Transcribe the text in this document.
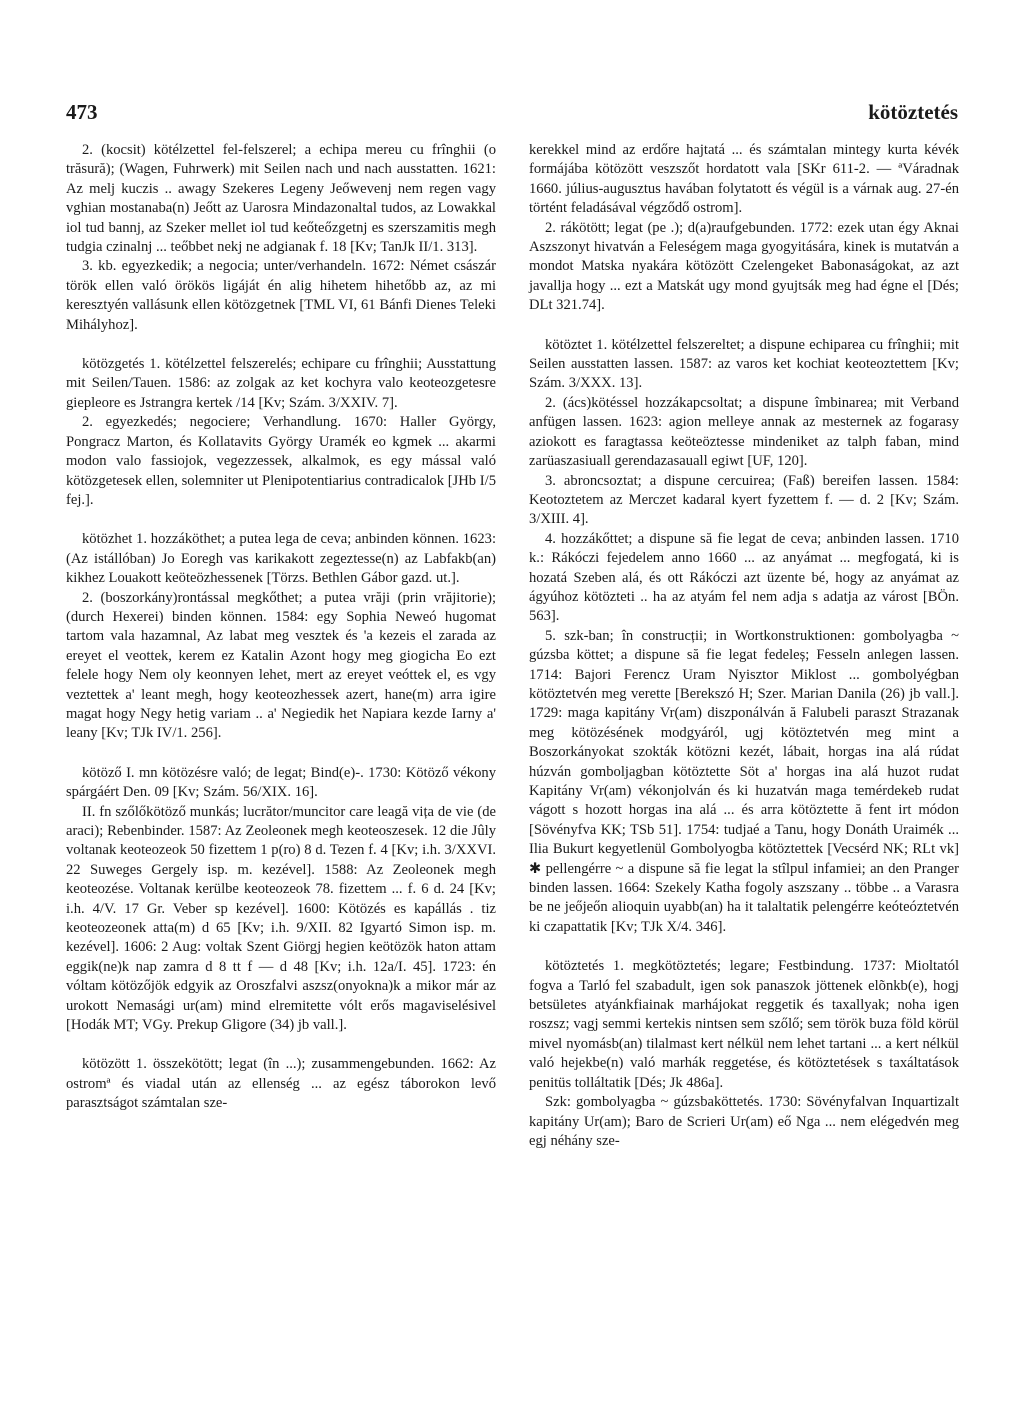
473	kötöztetés

2. (kocsit) kötélzettel fel-felszerel; a echipa mereu cu frînghii (o trăsură); (Wagen, Fuhrwerk) mit Seilen nach und nach ausstatten. 1621: Az melj kuczis .. awagy Szekeres Legeny Jeőwevenj nem regen vagy vghian mostanaba(n) Jeőtt az Uarosra Mindazonaltal tudos, az Lowakkal iol tud bannj, az Szeker mellet iol tud keőteőzgetnj es szerszamitis megh tudgia czinalnj ... teőbbet nekj ne adgianak f. 18 [Kv; TanJk II/1. 313].

3. kb. egyezkedik; a negocia; unter/verhandeln. 1672: Német császár török ellen való örökös ligáját én alig hihetem hihetőbb az, az mi keresztyén vallásunk ellen kötözgetnek [TML VI, 61 Bánfi Dienes Teleki Mihályhoz].

kötözgetés 1. kötélzettel felszerelés; echipare cu frînghii; Ausstattung mit Seilen/Tauen. 1586: az zolgak az ket kochyra valo keoteozgetesre giepleore es Jstrangra kertek /14 [Kv; Szám. 3/XXIV. 7].

2. egyezkedés; negociere; Verhandlung. 1670: Haller György, Pongracz Marton, és Kollatavits György Uramék eo kgmek ... akarmi modon valo fassiojok, vegezzessek, alkalmok, es egy mással való kötözgetesek ellen, solemniter ut Plenipotentiarius contradicalok [JHb I/5 fej.].

kötözhet 1. hozzáköthet; a putea lega de ceva; anbinden können. 1623: (Az istállóban) Jo Eoregh vas karikakott zegeztesse(n) az Labfakb(an) kikhez Louakott keöteözhessenek [Törzs. Bethlen Gábor gazd. ut.].

2. (boszorkány)rontással megkőthet; a putea vrăji (prin vrăjitorie); (durch Hexerei) binden können. 1584: egy Sophia Neweó hugomat tartom vala hazamnal, Az labat meg vesztek és 'a kezeis el zarada az ereyet el veottek, kerem ez Katalin Azont hogy meg giogicha Eo ezt felele hogy Nem oly keonnyen lehet, mert az ereyet veóttek el, es vgy veztettek a' leant megh, hogy keoteozhessek azert, hane(m) arra igire magat hogy Negy hetig variam .. a' Negiedik het Napiara kezde Iarny a' leany [Kv; TJk IV/1. 256].

kötöző I. mn kötözésre való; de legat; Bind(e)-. 1730: Kötöző vékony spárgáért Den. 09 [Kv; Szám. 56/XIX. 16].

II. fn szőlőkötöző munkás; lucrător/muncitor care leagă vița de vie (de araci); Rebenbinder. 1587: Az Zeoleonek megh keoteoszesek. 12 die Jûly voltanak keoteozeok 50 fizettem 1 p(ro) 8 d. Tezen f. 4 [Kv; i.h. 3/XXVI. 22 Suweges Gergely isp. m. kezével]. 1588: Az Zeoleonek megh keoteozése. Voltanak kerülbe keoteozeok 78. fizettem ... f. 6 d. 24 [Kv; i.h. 4/V. 17 Gr. Veber sp kezével]. 1600: Kötözés es kapállás . tiz keoteozeonek atta(m) d 65 [Kv; i.h. 9/XII. 82 Igyartó Simon isp. m. kezével]. 1606: 2 Aug: voltak Szent Giörgj hegien keötözök haton attam eggik(ne)k nap zamra d 8 tt f — d 48 [Kv; i.h. 12a/I. 45]. 1723: én vóltam kötözőjök edgyik az Oroszfalvi aszsz(onyokna)k a mikor már az urokott Nemasági ur(am) mind elremitette vólt erős magaviselésivel [Hodák MT; VGy. Prekup Gligore (34) jb vall.].

kötözött 1. összekötött; legat (în ...); zusammengebunden. 1662: Az ostromª és viadal után az ellenség ... az egész táborokon levő parasztságot számtalan sze-

kerekkel mind az erdőre hajtatá ... és számtalan mintegy kurta kévék formájába kötözött veszszőt hordatott vala [SKr 611-2. — ªVáradnak 1660. július-augusztus havában folytatott és végül is a várnak aug. 27-én történt feladásával végződő ostrom].

2. rákötött; legat (pe .); d(a)raufgebunden. 1772: ezek utan égy Aknai Aszszonyt hivatván a Feleségem maga gyogyitására, kinek is mutatván a mondot Matska nyakára kötözött Czelengeket Babonaságokat, az azt javallja hogy ... ezt a Matskát ugy mond gyujtsák meg had égne el [Dés; DLt 321.74].

kötöztet 1. kötélzettel felszereltet; a dispune echiparea cu frînghii; mit Seilen ausstatten lassen. 1587: az varos ket kochiat keoteoztettem [Kv; Szám. 3/XXX. 13].

2. (ács)kötéssel hozzákapcsoltat; a dispune îmbinarea; mit Verband anfügen lassen. 1623: agion melleye annak az mesternek az fogarasy aziokott es faragtassa keöteöztesse mindeniket az talph faban, mind zarüaszasiuall gerendazasauall egiwt [UF, 120].

3. abroncsoztat; a dispune cercuirea; (Faß) bereifen lassen. 1584: Keotoztetem az Merczet kadaral kyert fyzettem f. — d. 2 [Kv; Szám. 3/XIII. 4].

4. hozzákőttet; a dispune să fie legat de ceva; anbinden lassen. 1710 k.: Rákóczi fejedelem anno 1660 ... az anyámat ... megfogatá, ki is hozatá Szeben alá, és ott Rákóczi azt üzente bé, hogy az anyámat az ágyúhoz kötözteti .. ha az atyám fel nem adja s adatja az várost [BÖn. 563].

5. szk-ban; în construcții; in Wortkonstruktionen: gombolyagba ~ gúzsba köttet; a dispune să fie legat fedeleș; Fesseln anlegen lassen. 1714: Bajori Ferencz Uram Nyisztor Miklost ... gombolyégban kötöztetvén meg verette [Berekszó H; Szer. Marian Danila (26) jb vall.]. 1729: maga kapitány Vr(am) diszponálván ă Falubeli paraszt Strazanak meg kötözésének modgyáról, ugj kötöztetvén meg mint a Boszorkányokat szokták kötözni kezét, lábait, horgas ina alá rúdat húzván gomboljagban kötöztette Söt a' horgas ina alá huzot rudat Kapitány Vr(am) vékonjolván és ki huzatván maga temérdekeb rudat vágott s hozott horgas ina alá ... és arra kötöztette ă fent irt módon [Sövényfva KK; TSb 51]. 1754: tudjaé a Tanu, hogy Donáth Uraimék ... Ilia Bukurt kegyetlenül Gombolyogba kötöztettek [Vecsérd NK; RLt vk] ✱ pellengérre ~ a dispune să fie legat la stîlpul infamiei; an den Pranger binden lassen. 1664: Szekely Katha fogoly aszszany .. többe .. a Varasra be ne jeőjeőn alioquin uyabb(an) ha it talaltatik pelengérre keóteóztetvén ki czapattatik [Kv; TJk X/4. 346].

kötöztetés 1. megkötöztetés; legare; Festbindung. 1737: Mioltatól fogva a Tarló fel szabadult, igen sok panaszok jöttenek elõnkb(e), hogj betsületes atyánkfiainak marhájokat reggetik és taxallyak; noha igen roszsz; vagj semmi kertekis nintsen sem szőlő; sem török buza föld körül mivel nyomásb(an) tilalmast kert nélkül nem lehet tartani ... a kert nélkül való hejekbe(n) való marhák reggetése, és kötöztetések s taxáltatások penitüs tolláltatik [Dés; Jk 486a].

Szk: gombolyagba ~ gúzsbaköttetés. 1730: Sövényfalvan Inquartizalt kapitány Ur(am); Baro de Scrieri Ur(am) eő Nga ... nem elégedvén meg egj néhány sze-
